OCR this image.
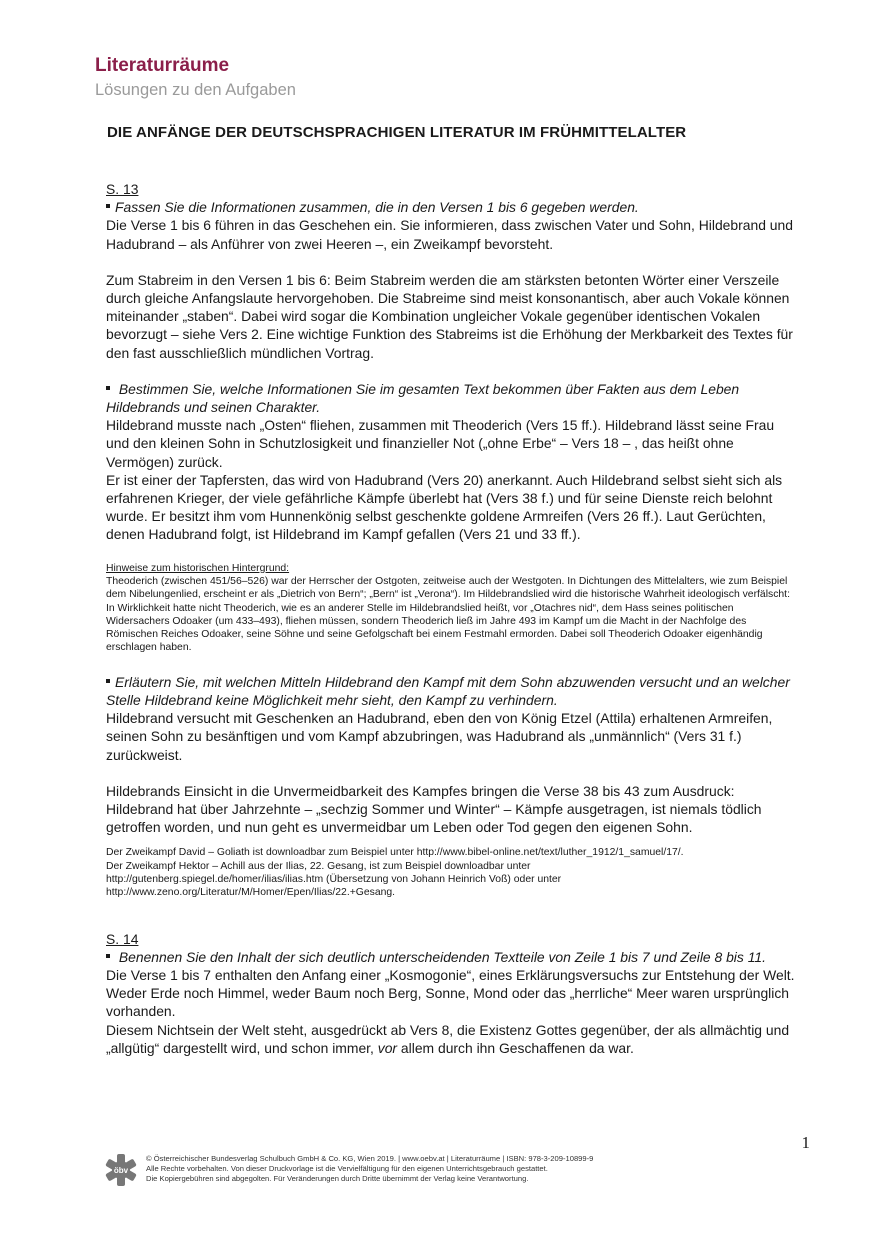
Literaturräume
Lösungen zu den Aufgaben
DIE ANFÄNGE DER DEUTSCHSPRACHIGEN LITERATUR IM FRÜHMITTELALTER

S. 13

Fassen Sie die Informationen zusammen, die in den Versen 1 bis 6 gegeben werden.

Die Verse 1 bis 6 führen in das Geschehen ein. Sie informieren, dass zwischen Vater und Sohn, Hildebrand und Hadubrand – als Anführer von zwei Heeren –, ein Zweikampf bevorsteht.

Zum Stabreim in den Versen 1 bis 6: Beim Stabreim werden die am stärksten betonten Wörter einer Verszeile durch gleiche Anfangslaute hervorgehoben. Die Stabreime sind meist konsonantisch, aber auch Vokale können miteinander „staben“. Dabei wird sogar die Kombination ungleicher Vokale gegenüber identischen Vokalen bevorzugt – siehe Vers 2. Eine wichtige Funktion des Stabreims ist die Erhöhung der Merkbarkeit des Textes für den fast ausschließlich mündlichen Vortrag.

Bestimmen Sie, welche Informationen Sie im gesamten Text bekommen über Fakten aus dem Leben Hildebrands und seinen Charakter.

Hildebrand musste nach „Osten“ fliehen, zusammen mit Theoderich (Vers 15 ff.). Hildebrand lässt seine Frau und den kleinen Sohn in Schutzlosigkeit und finanzieller Not („ohne Erbe“ – Vers 18 – , das heißt ohne Vermögen) zurück.

Er ist einer der Tapfersten, das wird von Hadubrand (Vers 20) anerkannt. Auch Hildebrand selbst sieht sich als erfahrenen Krieger, der viele gefährliche Kämpfe überlebt hat (Vers 38 f.) und für seine Dienste reich belohnt wurde. Er besitzt ihm vom Hunnenkönig selbst geschenkte goldene Armreifen (Vers 26 ff.). Laut Gerüchten, denen Hadubrand folgt, ist Hildebrand im Kampf gefallen (Vers 21 und 33 ff.).

Hinweise zum historischen Hintergrund:

Theoderich (zwischen 451/56–526) war der Herrscher der Ostgoten, zeitweise auch der Westgoten. In Dichtungen des Mittelalters, wie zum Beispiel dem Nibelungenlied, erscheint er als „Dietrich von Bern“; „Bern“ ist „Verona“). Im Hildebrandslied wird die historische Wahrheit ideologisch verfälscht: In Wirklichkeit hatte nicht Theoderich, wie es an anderer Stelle im Hildebrandslied heißt, vor „Otachres nid“, dem Hass seines politischen Widersachers Odoaker (um 433–493), fliehen müssen, sondern Theoderich ließ im Jahre 493 im Kampf um die Macht in der Nachfolge des Römischen Reiches Odoaker, seine Söhne und seine Gefolgschaft bei einem Festmahl ermorden. Dabei soll Theoderich Odoaker eigenhändig erschlagen haben.

Erläutern Sie, mit welchen Mitteln Hildebrand den Kampf mit dem Sohn abzuwenden versucht und an welcher Stelle Hildebrand keine Möglichkeit mehr sieht, den Kampf zu verhindern.

Hildebrand versucht mit Geschenken an Hadubrand, eben den von König Etzel (Attila) erhaltenen Armreifen, seinen Sohn zu besänftigen und vom Kampf abzubringen, was Hadubrand als „unmännlich“ (Vers 31 f.) zurückweist.

Hildebrands Einsicht in die Unvermeidbarkeit des Kampfes bringen die Verse 38 bis 43 zum Ausdruck: Hildebrand hat über Jahrzehnte – „sechzig Sommer und Winter“ – Kämpfe ausgetragen, ist niemals tödlich getroffen worden, und nun geht es unvermeidbar um Leben oder Tod gegen den eigenen Sohn.

Der Zweikampf David – Goliath ist downloadbar zum Beispiel unter http://www.bibel-online.net/text/luther_1912/1_samuel/17/.

Der Zweikampf Hektor – Achill aus der Ilias, 22. Gesang, ist zum Beispiel downloadbar unter

http://gutenberg.spiegel.de/homer/ilias/ilias.htm (Übersetzung von Johann Heinrich Voß) oder unter

http://www.zeno.org/Literatur/M/Homer/Epen/Ilias/22.+Gesang.

S. 14

Benennen Sie den Inhalt der sich deutlich unterscheidenden Textteile von Zeile 1 bis 7 und Zeile 8 bis 11.

Die Verse 1 bis 7 enthalten den Anfang einer „Kosmogonie“, eines Erklärungsversuchs zur Entstehung der Welt. Weder Erde noch Himmel, weder Baum noch Berg, Sonne, Mond oder das „herrliche“ Meer waren ursprünglich vorhanden.

Diesem Nichtsein der Welt steht, ausgedrückt ab Vers 8, die Existenz Gottes gegenüber, der als allmächtig und „allgütig“ dargestellt wird, und schon immer, vor allem durch ihn Geschaffenen da war.

1
öbv
© Österreichischer Bundesverlag Schulbuch GmbH & Co. KG, Wien 2019. | www.oebv.at | Literaturräume | ISBN: 978-3-209-10899-9
Alle Rechte vorbehalten. Von dieser Druckvorlage ist die Vervielfältigung für den eigenen Unterrichtsgebrauch gestattet.
Die Kopiergebühren sind abgegolten. Für Veränderungen durch Dritte übernimmt der Verlag keine Verantwortung.
